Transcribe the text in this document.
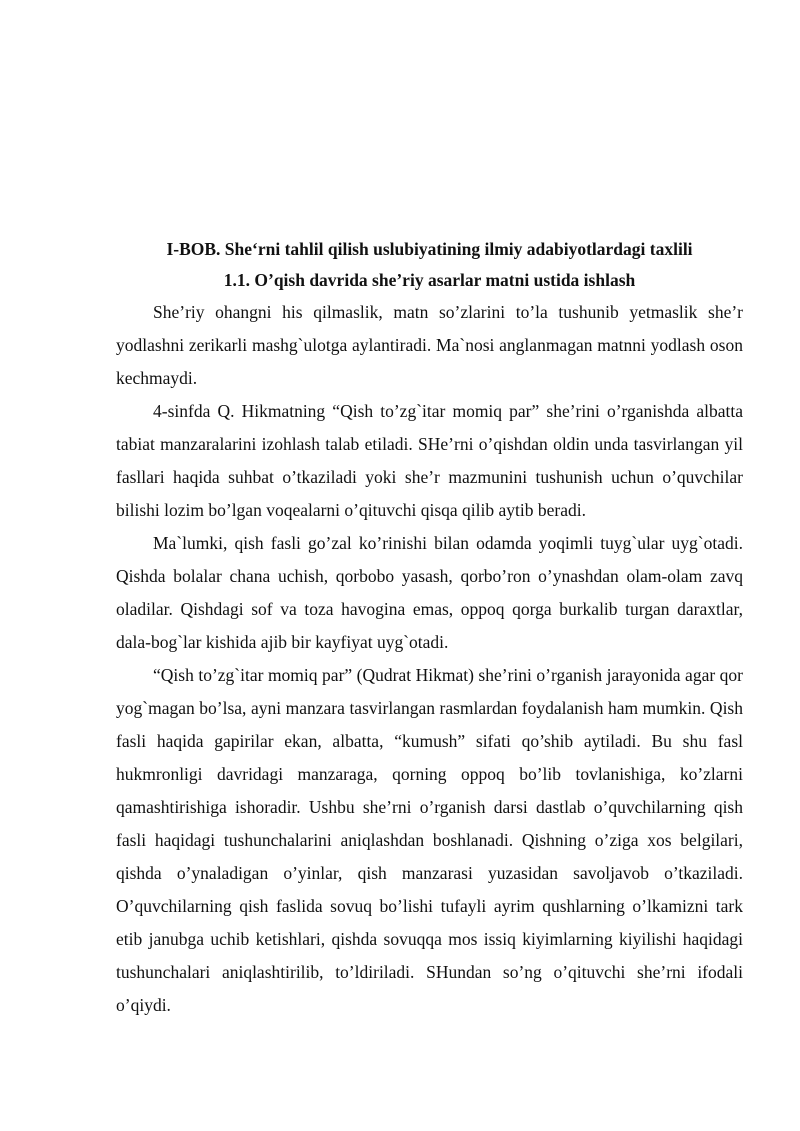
I-BOB. She‘rni tahlil qilish uslubiyatining ilmiy adabiyotlardagi taxlili
1.1. O’qish davrida she’riy asarlar matni ustida ishlash

She’riy ohangni his qilmaslik, matn so’zlarini to’la tushunib yetmaslik she’r yodlashni zerikarli mashg`ulotga aylantiradi. Ma`nosi anglanmagan matnni yodlash oson kechmaydi.

4-sinfda Q. Hikmatning “Qish to’zg`itar momiq par” she’rini o’rganishda albatta tabiat manzaralarini izohlash talab etiladi. SHe’rni o’qishdan oldin unda tasvirlangan yil fasllari haqida suhbat o’tkaziladi yoki she’r mazmunini tushunish uchun o’quvchilar bilishi lozim bo’lgan voqealarni o’qituvchi qisqa qilib aytib beradi.

Ma`lumki, qish fasli go’zal ko’rinishi bilan odamda yoqimli tuyg`ular uyg`otadi. Qishda bolalar chana uchish, qorbobo yasash, qorbo’ron o’ynashdan olam-olam zavq oladilar. Qishdagi sof va toza havogina emas, oppoq qorga burkalib turgan daraxtlar, dala-bog`lar kishida ajib bir kayfiyat uyg`otadi.

“Qish to’zg`itar momiq par” (Qudrat Hikmat) she’rini o’rganish jarayonida agar qor yog`magan bo’lsa, ayni manzara tasvirlangan rasmlardan foydalanish ham mumkin. Qish fasli haqida gapirilar ekan, albatta, “kumush” sifati qo’shib aytiladi. Bu shu fasl hukmronligi davridagi manzaraga, qorning oppoq bo’lib tovlanishiga, ko’zlarni qamashtirishiga ishoradir. Ushbu she’rni o’rganish darsi dastlab o’quvchilarning qish fasli haqidagi tushunchalarini aniqlashdan boshlanadi. Qishning o’ziga xos belgilari, qishda o’ynaladigan o’yinlar, qish manzarasi yuzasidan savoljavob o’tkaziladi. O’quvchilarning qish faslida sovuq bo’lishi tufayli ayrim qushlarning o’lkamizni tark etib janubga uchib ketishlari, qishda sovuqqa mos issiq kiyimlarning kiyilishi haqidagi tushunchalari aniqlashtirilib, to’ldiriladi. SHundan so’ng o’qituvchi she’rni ifodali o’qiydi.
